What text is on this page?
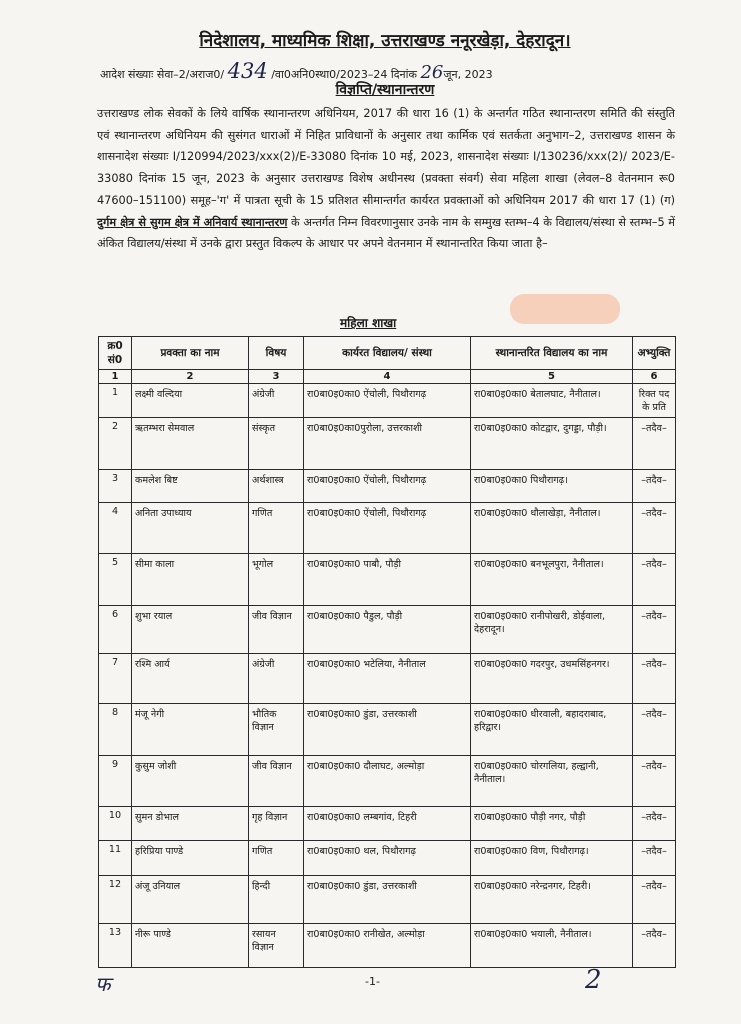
निदेशालय, माध्यमिक शिक्षा, उत्तराखण्ड ननूरखेड़ा, देहरादून।
आदेश संख्याः सेवा–2/अराज0/ 434 /वा0अनि0स्था0/2023–24 दिनांक 26जून, 2023
विज्ञप्ति/स्थानान्तरण
उत्तराखण्ड लोक सेवकों के लिये वार्षिक स्थानान्तरण अधिनियम, 2017 की धारा 16 (1) के अन्तर्गत गठित स्थानान्तरण समिति की संस्तुति एवं स्थानान्तरण अधिनियम की सुसंगत धाराओं में निहित प्राविधानों के अनुसार तथा कार्मिक एवं सतर्कता अनुभाग–2, उत्तराखण्ड शासन के शासनादेश संख्याः I/120994/2023/xxx(2)/E-33080 दिनांक 10 मई, 2023, शासनादेश संख्याः I/130236/xxx(2)/ 2023/E-33080 दिनांक 15 जून, 2023 के अनुसार उत्तराखण्ड विशेष अधीनस्थ (प्रवक्ता संवर्ग) सेवा महिला शाखा (लेवल–8 वेतनमान रू0 47600–151100) समूह–'ग' में पात्रता सूची के 15 प्रतिशत सीमान्तर्गत कार्यरत प्रवक्ताओं को अधिनियम 2017 की धारा 17 (1) (ग) दुर्गम क्षेत्र से सुगम क्षेत्र में अनिवार्य स्थानान्तरण के अन्तर्गत निम्न विवरणानुसार उनके नाम के सम्मुख स्तम्भ–4 के विद्यालय/संस्था से स्तम्भ–5 में अंकित विद्यालय/संस्था में उनके द्वारा प्रस्तुत विकल्प के आधार पर अपने वेतनमान में स्थानान्तरित किया जाता है–
महिला शाखा
क्र0 सं0	प्रवक्ता का नाम	विषय	कार्यरत विद्यालय/ संस्था	स्थानान्तरित विद्यालय का नाम	अभ्युक्ति
1	2	3	4	5	6
1	लक्ष्मी वल्दिया	अंग्रेजी	रा0बा0इ0का0 ऐंचोली, पिथौरागढ़	रा0बा0इ0का0 बेतालघाट, नैनीताल।	रिक्त पद के प्रति
2	ऋतम्भरा सेमवाल	संस्कृत	रा0बा0इ0का0पुरोला, उत्तरकाशी	रा0बा0इ0का0 कोटद्वार, दुगड्डा, पौड़ी।	–तदैव–
3	कमलेश बिष्ट	अर्थशास्त्र	रा0बा0इ0का0 ऐंचोली, पिथौरागढ़	रा0बा0इ0का0 पिथौरागढ़।	–तदैव–
4	अनिता उपाध्याय	गणित	रा0बा0इ0का0 ऐंचोली, पिथौरागढ़	रा0बा0इ0का0 धौलाखेड़ा, नैनीताल।	–तदैव–
5	सीमा काला	भूगोल	रा0बा0इ0का0 पाबौ, पौड़ी	रा0बा0इ0का0 बनभूलपुरा, नैनीताल।	–तदैव–
6	शुभा रयाल	जीव विज्ञान	रा0बा0इ0का0 पैडुल, पौड़ी	रा0बा0इ0का0 रानीपोखरी, डोईवाला, देहरादून।	–तदैव–
7	रश्मि आर्य	अंग्रेजी	रा0बा0इ0का0 भटेलिया, नैनीताल	रा0बा0इ0का0 गदरपुर, उधमसिंहनगर।	–तदैव–
8	मंजू नेगी	भौतिक विज्ञान	रा0बा0इ0का0 डुंडा, उत्तरकाशी	रा0बा0इ0का0 धीरवाली, बहादराबाद, हरिद्वार।	–तदैव–
9	कुसुम जोशी	जीव विज्ञान	रा0बा0इ0का0 दौलाघट, अल्मोड़ा	रा0बा0इ0का0 चोरगलिया, हल्द्वानी, नैनीताल।	–तदैव–
10	सुमन डोभाल	गृह विज्ञान	रा0बा0इ0का0 लम्बगांव, टिहरी	रा0बा0इ0का0 पौड़ी नगर, पौड़ी	–तदैव–
11	हरिप्रिया पाण्डे	गणित	रा0बा0इ0का0 थल, पिथौरागढ़	रा0बा0इ0का0 विण, पिथौरागढ़।	–तदैव–
12	अंजू उनियाल	हिन्दी	रा0बा0इ0का0 डुंडा, उत्तरकाशी	रा0बा0इ0का0 नरेन्द्रनगर, टिहरी।	–तदैव–
13	नीरू पाण्डे	रसायन विज्ञान	रा0बा0इ0का0 रानीखेत, अल्मोड़ा	रा0बा0इ0का0 भयाली, नैनीताल।	–तदैव–
फ	-1-	2
